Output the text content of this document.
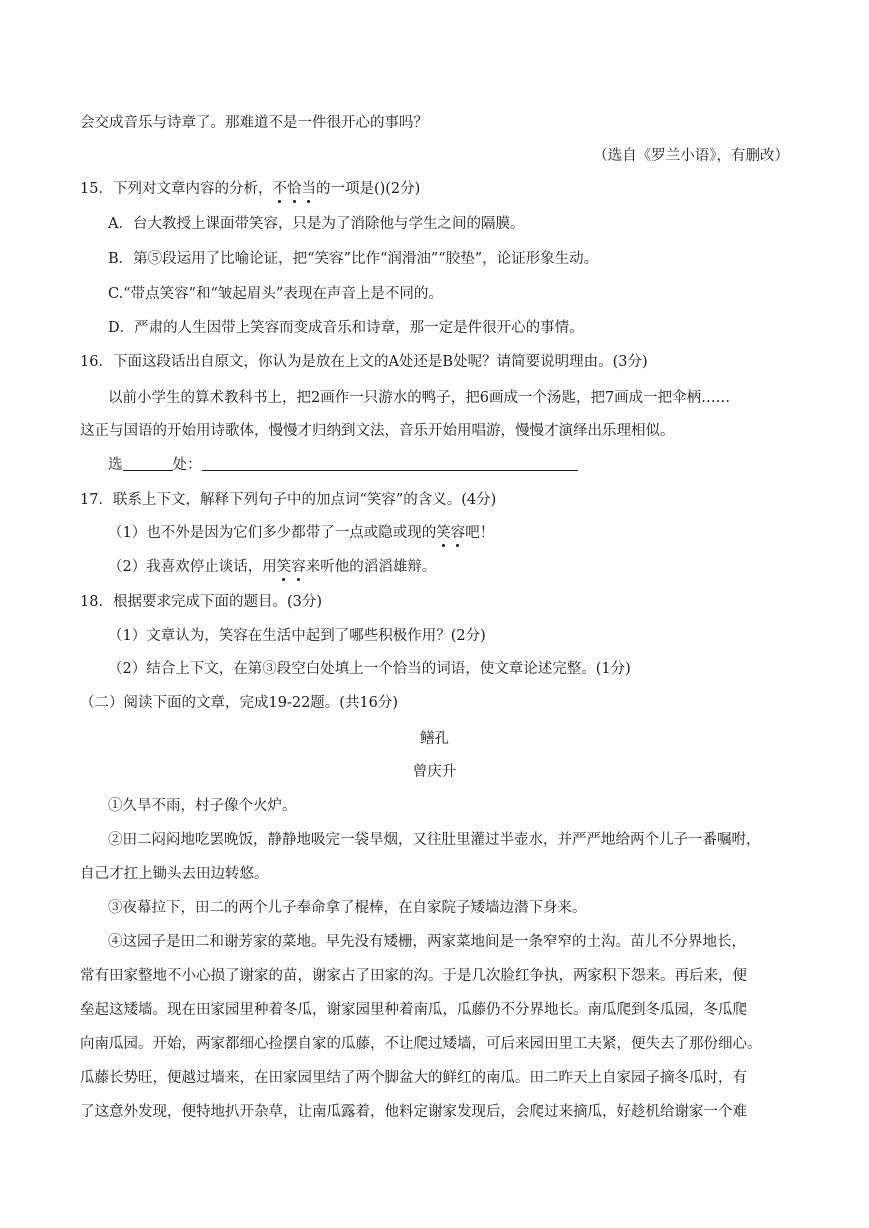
会交成音乐与诗章了。那难道不是一件很开心的事吗？
（选自《罗兰小语》，有删改）
15．下列对文章内容的分析，不恰当的一项是()(2分)
A．台大教授上课面带笑容，只是为了消除他与学生之间的隔膜。
B．第⑤段运用了比喻论证，把“笑容”比作“润滑油”“胶垫”，论证形象生动。
C.“带点笑容”和“皱起眉头”表现在声音上是不同的。
D．严肃的人生因带上笑容而变成音乐和诗章，那一定是件很开心的事情。
16．下面这段话出自原文，你认为是放在上文的A处还是B处呢？请简要说明理由。(3分)
以前小学生的算术教科书上，把2画作一只游水的鸭子，把6画成一个汤匙，把7画成一把伞柄……
这正与国语的开始用诗歌体，慢慢才归纳到文法，音乐开始用唱游，慢慢才演绎出乐理相似。
选	处：
17．联系上下文，解释下列句子中的加点词“笑容”的含义。(4分)
（1）也不外是因为它们多少都带了一点或隐或现的笑容吧！
（2）我喜欢停止谈话，用笑容来听他的滔滔雄辩。
18．根据要求完成下面的题目。(3分)
（1）文章认为，笑容在生活中起到了哪些积极作用？(2分)
（2）结合上下文，在第③段空白处填上一个恰当的词语，使文章论述完整。(1分)
（二）阅读下面的文章，完成19-22题。(共16分)
鳝孔
曾庆升
①久旱不雨，村子像个火炉。
②田二闷闷地吃罢晚饭，静静地吸完一袋旱烟，又往肚里灌过半壶水，并严严地给两个儿子一番嘱咐，
自己才扛上锄头去田边转悠。
③夜幕拉下，田二的两个儿子奉命拿了棍棒，在自家院子矮墙边潜下身来。
④这园子是田二和谢芳家的菜地。早先没有矮栅，两家菜地间是一条窄窄的土沟。苗儿不分界地长，
常有田家整地不小心损了谢家的苗，谢家占了田家的沟。于是几次脸红争执，两家积下怨来。再后来，便
垒起这矮墙。现在田家园里种着冬瓜，谢家园里种着南瓜，瓜藤仍不分界地长。南瓜爬到冬瓜园，冬瓜爬
向南瓜园。开始，两家都细心捡摆自家的瓜藤，不让爬过矮墙，可后来园田里工夫紧，便失去了那份细心。
瓜藤长势旺，便越过墙来，在田家园里结了两个脚盆大的鲜红的南瓜。田二昨天上自家园子摘冬瓜时，有
了这意外发现，便特地扒开杂草，让南瓜露着，他料定谢家发现后，会爬过来摘瓜，好趁机给谢家一个难
